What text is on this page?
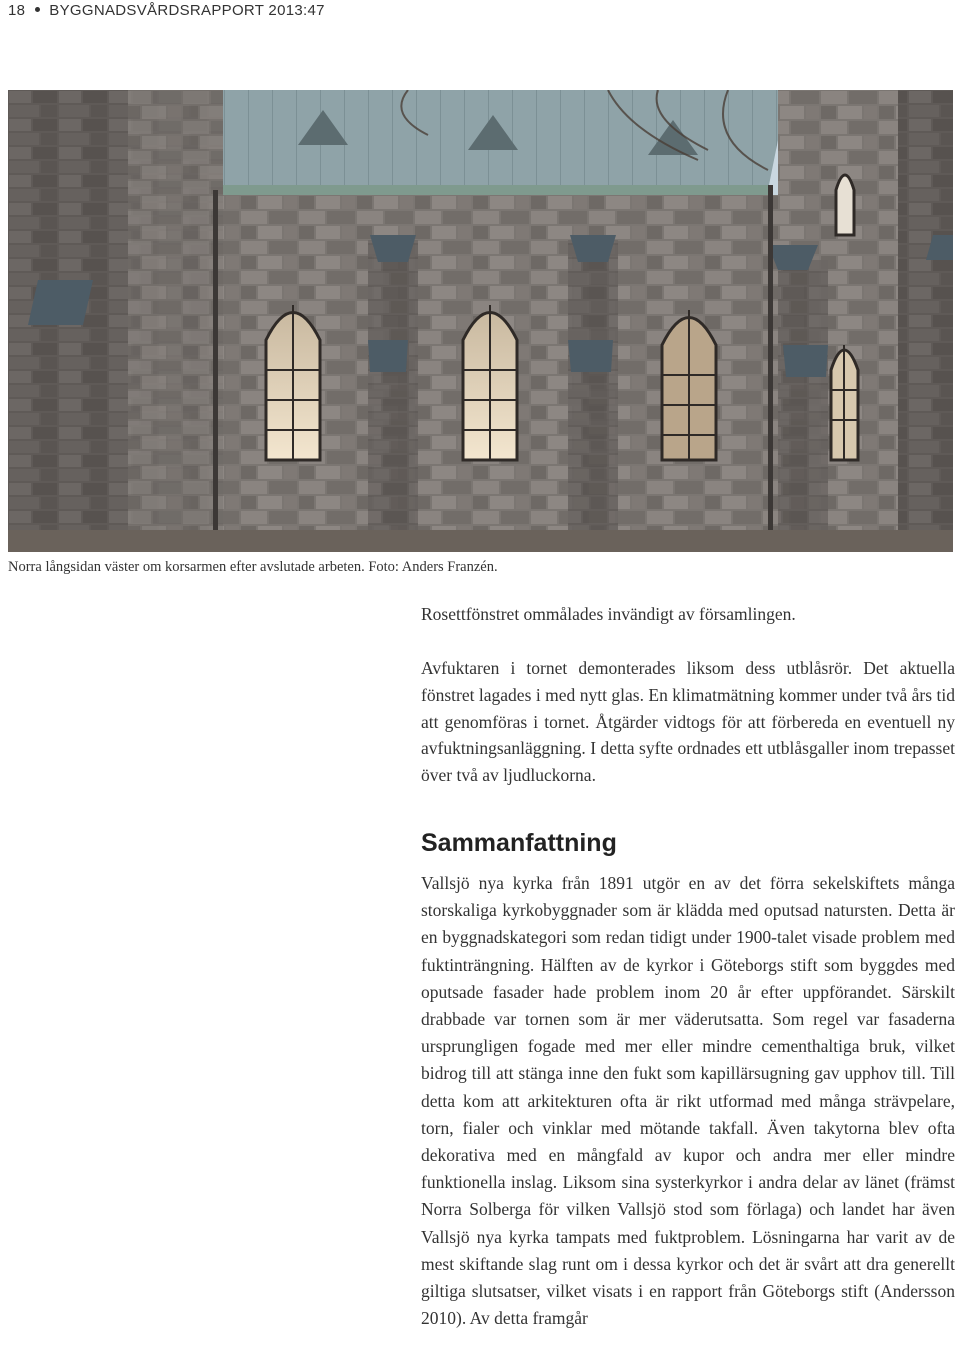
18 BYGGNADSVÅRDSRAPPORT 2013:47
Norra långsidan väster om korsarmen efter avslutade arbeten. Foto: Anders Franzén.
Rosettfönstret ommålades invändigt av församlingen.
Avfuktaren i tornet demonterades liksom dess utblåsrör. Det aktuella fönstret lagades i med nytt glas. En klimatmätning kommer under två års tid att genomföras i tornet. Åtgärder vidtogs för att förbereda en eventuell ny avfuktningsanläggning. I detta syfte ordnades ett utblåsgaller inom trepasset över två av ljudluckorna.
Sammanfattning
Vallsjö nya kyrka från 1891 utgör en av det förra sekelskiftets många storskaliga kyrkobyggnader som är klädda med oputsad natursten. Detta är en byggnadskategori som redan tidigt under 1900-talet visade problem med fuktinträngning. Hälften av de kyrkor i Göteborgs stift som byggdes med oputsade fasader hade problem inom 20 år efter uppförandet. Särskilt drabbade var tornen som är mer väderutsatta. Som regel var fasaderna ursprungligen fogade med mer eller mindre cementhaltiga bruk, vilket bidrog till att stänga inne den fukt som kapillärsugning gav upphov till. Till detta kom att arkitekturen ofta är rikt utformad med många strävpelare, torn, fialer och vinklar med mötande takfall. Även takytorna blev ofta dekorativa med en mångfald av kupor och andra mer eller mindre funktionella inslag. Liksom sina systerkyrkor i andra delar av länet (främst Norra Solberga för vilken Vallsjö stod som förlaga) och landet har även Vallsjö nya kyrka tampats med fuktproblem. Lösningarna har varit av de mest skiftande slag runt om i dessa kyrkor och det är svårt att dra generellt giltiga slutsatser, vilket visats i en rapport från Göteborgs stift (Andersson 2010). Av detta framgår
